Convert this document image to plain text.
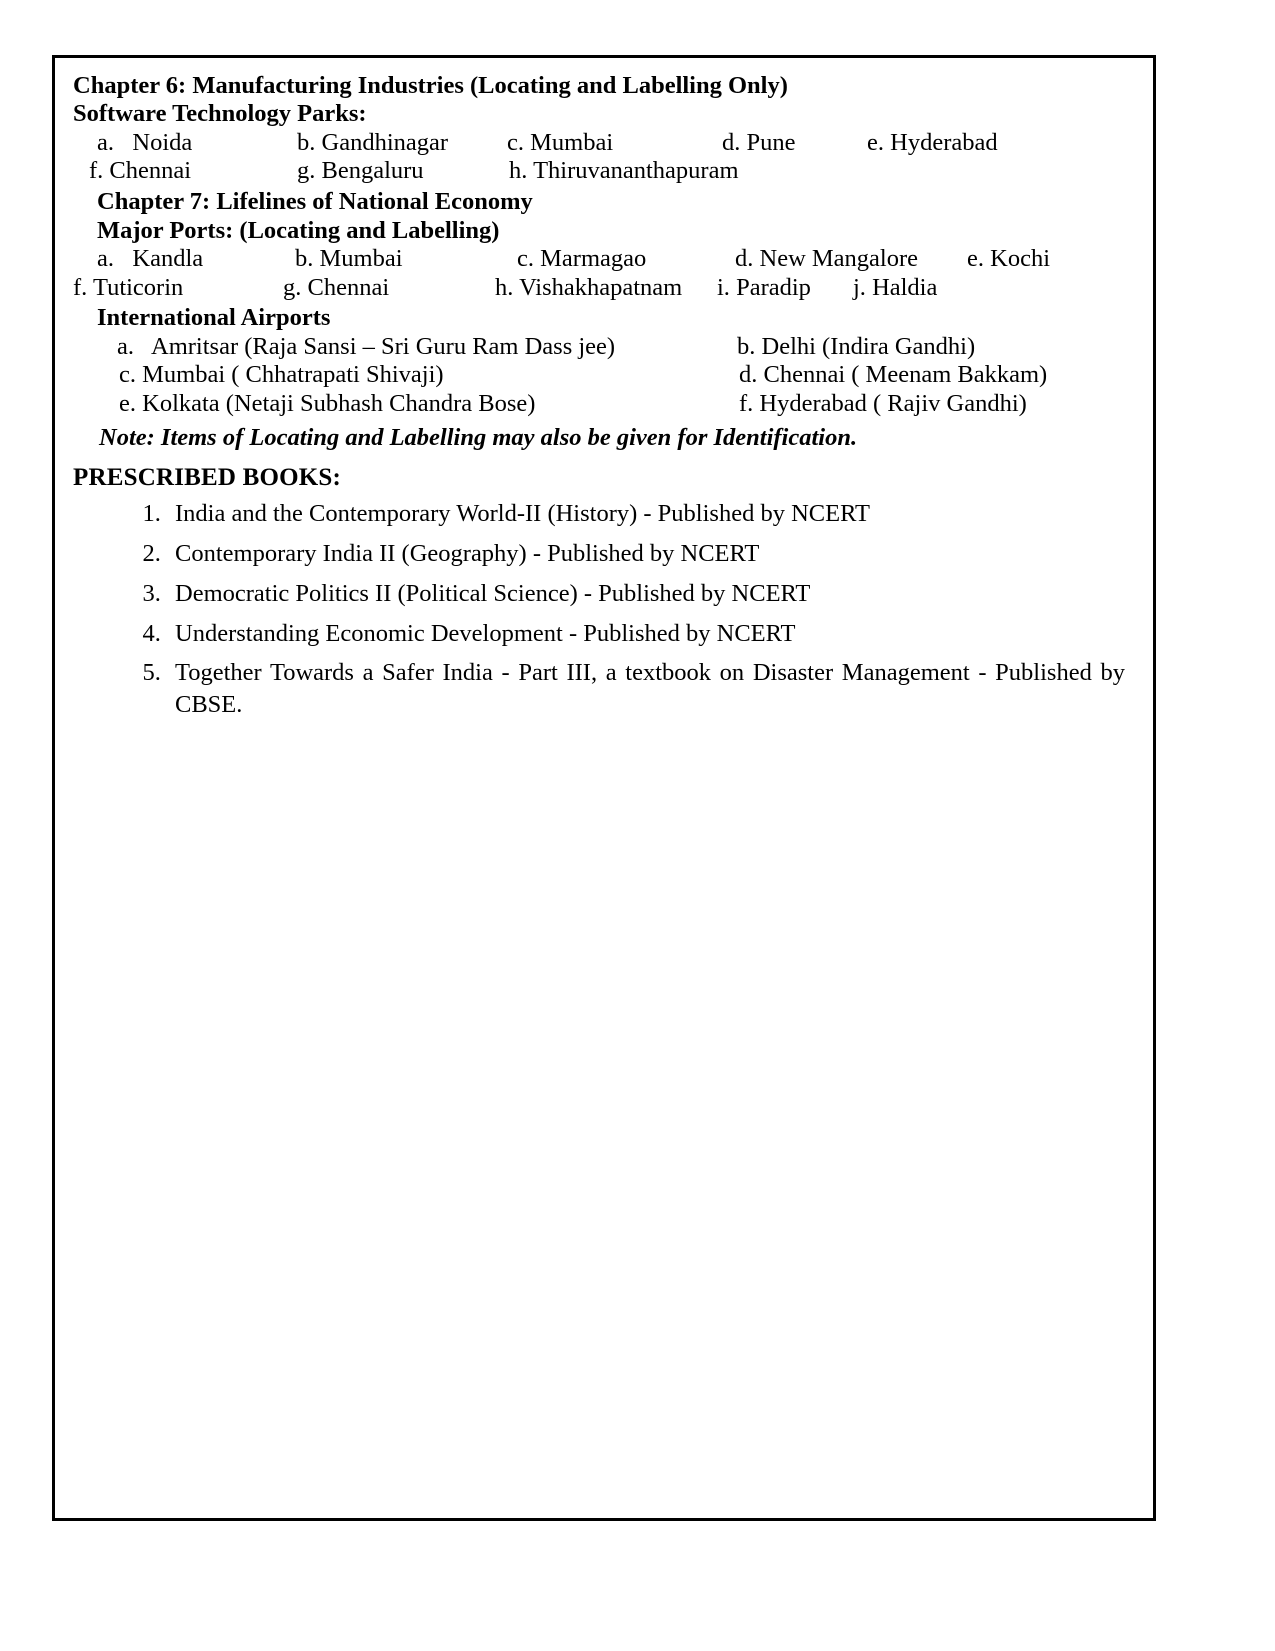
Chapter 6: Manufacturing Industries (Locating and Labelling Only)
Software Technology Parks:
a.   Noida	b. Gandhinagar c. Mumbai	d. Pune	e. Hyderabad
f. Chennai	g. Bengaluru	h. Thiruvananthapuram
Chapter 7: Lifelines of National Economy
Major Ports: (Locating and Labelling)
a.   Kandla	b. Mumbai	c. Marmagao	d. New Mangalore e. Kochi
f. Tuticorin	g. Chennai	h. Vishakhapatnam i. Paradip j. Haldia
International Airports
a.   Amritsar (Raja Sansi – Sri Guru Ram Dass jee)	b. Delhi (Indira Gandhi)
c. Mumbai ( Chhatrapati Shivaji)	d. Chennai ( Meenam Bakkam)
e. Kolkata (Netaji Subhash Chandra Bose)	f. Hyderabad ( Rajiv Gandhi)
Note: Items of Locating and Labelling may also be given for Identification.
PRESCRIBED BOOKS:
1. India and the Contemporary World-II (History) - Published by NCERT
2. Contemporary India II (Geography) - Published by NCERT
3. Democratic Politics II (Political Science) - Published by NCERT
4. Understanding Economic Development - Published by NCERT
5. Together Towards a Safer India - Part III, a textbook on Disaster Management - Published by CBSE.
